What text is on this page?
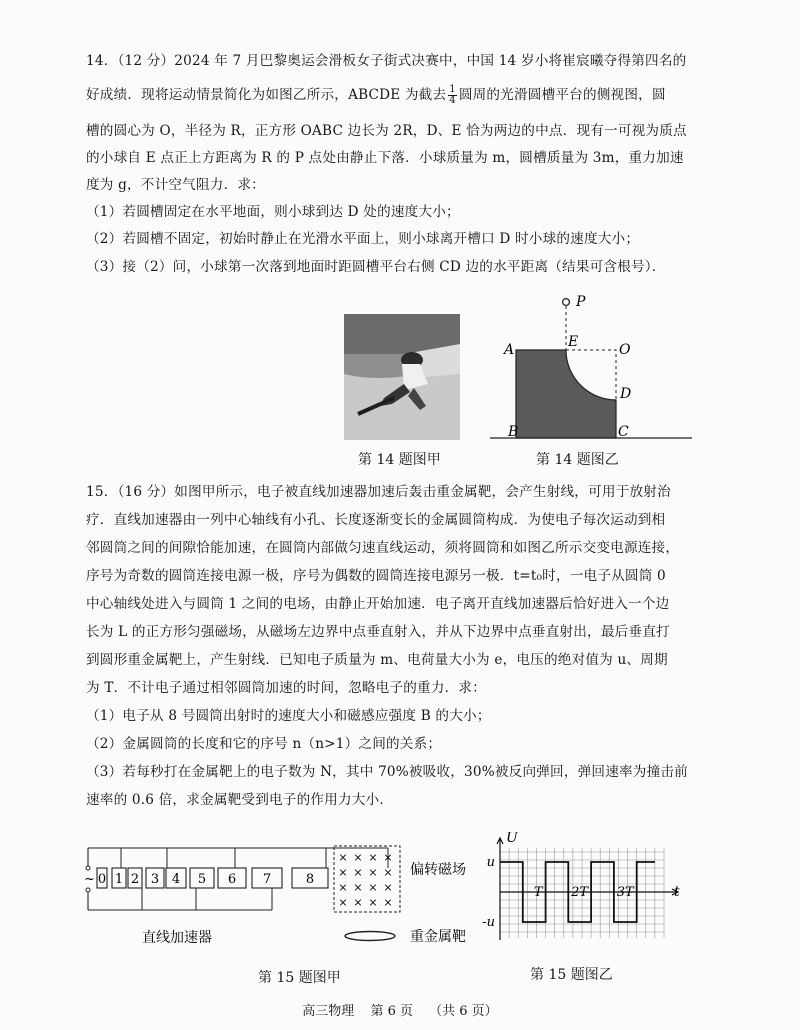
14．（12 分）2024 年 7 月巴黎奥运会滑板女子街式决赛中，中国 14 岁小将崔宸曦夺得第四名的
好成绩．现将运动情景简化为如图乙所示，ABCDE 为截去 $\frac{1}{4}$ 圆周的光滑圆槽平台的侧视图，圆
槽的圆心为 O，半径为 R，正方形 OABC 边长为 2R，D、E 恰为两边的中点．现有一可视为质点
的小球自 E 点正上方距离为 R 的 P 点处由静止下落．小球质量为 m，圆槽质量为 3m，重力加速
度为 g，不计空气阻力．求：
（1）若圆槽固定在水平地面，则小球到达 D 处的速度大小；
（2）若圆槽不固定，初始时静止在光滑水平面上，则小球离开槽口 D 时小球的速度大小；
（3）接（2）问，小球第一次落到地面时距圆槽平台右侧 CD 边的水平距离（结果可含根号）．
第 14 题图甲
P
A	E	O
D
B	C
第 14 题图乙
15．（16 分）如图甲所示，电子被直线加速器加速后轰击重金属靶，会产生射线，可用于放射治
疗．直线加速器由一列中心轴线有小孔、长度逐渐变长的金属圆筒构成．为使电子每次运动到相
邻圆筒之间的间隙恰能加速，在圆筒内部做匀速直线运动，须将圆筒和如图乙所示交变电源连接，
序号为奇数的圆筒连接电源一极，序号为偶数的圆筒连接电源另一极．t=t₀时，一电子从圆筒 0
中心轴线处进入与圆筒 1 之间的电场，由静止开始加速．电子离开直线加速器后恰好进入一个边
长为 L 的正方形匀强磁场，从磁场左边界中点垂直射入，并从下边界中点垂直射出，最后垂直打
到圆形重金属靶上，产生射线．已知电子质量为 m、电荷量大小为 e，电压的绝对值为 u、周期
为 T．不计电子通过相邻圆筒加速的时间，忽略电子的重力．求：
（1）电子从 8 号圆筒出射时的速度大小和磁感应强度 B 的大小；
（2）金属圆筒的长度和它的序号 n（n>1）之间的关系；
（3）若每秒打在金属靶上的电子数为 N，其中 70%被吸收，30%被反向弹回，弹回速率为撞击前
速率的 0.6 倍，求金属靶受到电子的作用力大小．
~ 0 1 2 3 4 5 6 7	8
× × × ×
× × × ×
× × × ×
× × × ×
偏转磁场
直线加速器	重金属靶
第 15 题图甲
U
t
u
-u
T 2T 3T
第 15 题图乙
高三物理 第 6 页 （共 6 页）
